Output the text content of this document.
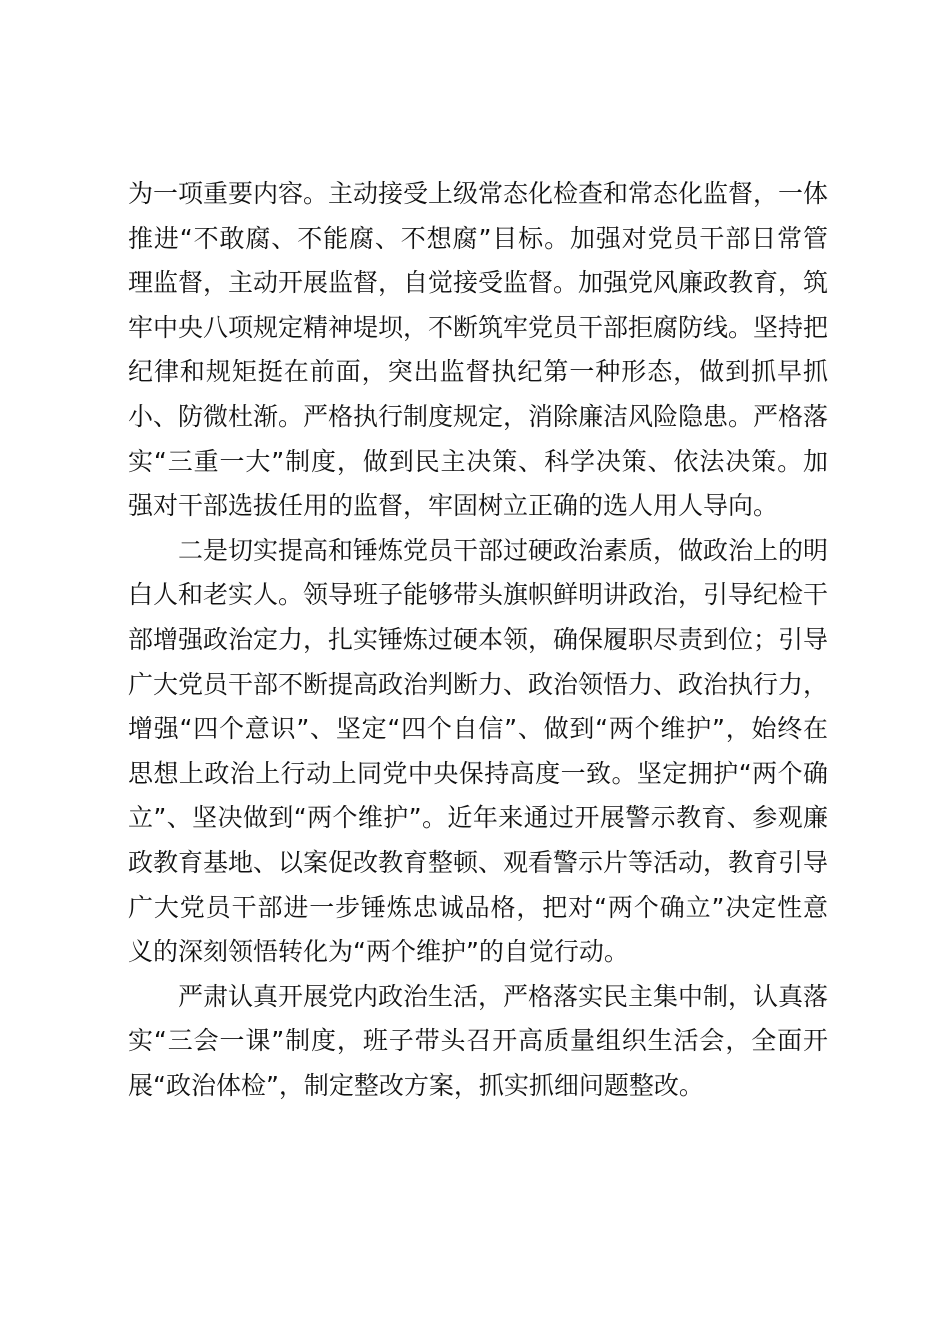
为一项重要内容。主动接受上级常态化检查和常态化监督，一体推进“不敢腐、不能腐、不想腐”目标。加强对党员干部日常管理监督，主动开展监督，自觉接受监督。加强党风廉政教育，筑牢中央八项规定精神堤坝，不断筑牢党员干部拒腐防线。坚持把纪律和规矩挺在前面，突出监督执纪第一种形态，做到抓早抓小、防微杜渐。严格执行制度规定，消除廉洁风险隐患。严格落实“三重一大”制度，做到民主决策、科学决策、依法决策。加强对干部选拔任用的监督，牢固树立正确的选人用人导向。

二是切实提高和锤炼党员干部过硬政治素质，做政治上的明白人和老实人。领导班子能够带头旗帜鲜明讲政治，引导纪检干部增强政治定力，扎实锤炼过硬本领，确保履职尽责到位；引导广大党员干部不断提高政治判断力、政治领悟力、政治执行力，增强“四个意识”、坚定“四个自信”、做到“两个维护”，始终在思想上政治上行动上同党中央保持高度一致。坚定拥护“两个确立”、坚决做到“两个维护”。近年来通过开展警示教育、参观廉政教育基地、以案促改教育整顿、观看警示片等活动，教育引导广大党员干部进一步锤炼忠诚品格，把对“两个确立”决定性意义的深刻领悟转化为“两个维护”的自觉行动。

严肃认真开展党内政治生活，严格落实民主集中制，认真落实“三会一课”制度，班子带头召开高质量组织生活会，全面开展“政治体检”，制定整改方案，抓实抓细问题整改。
